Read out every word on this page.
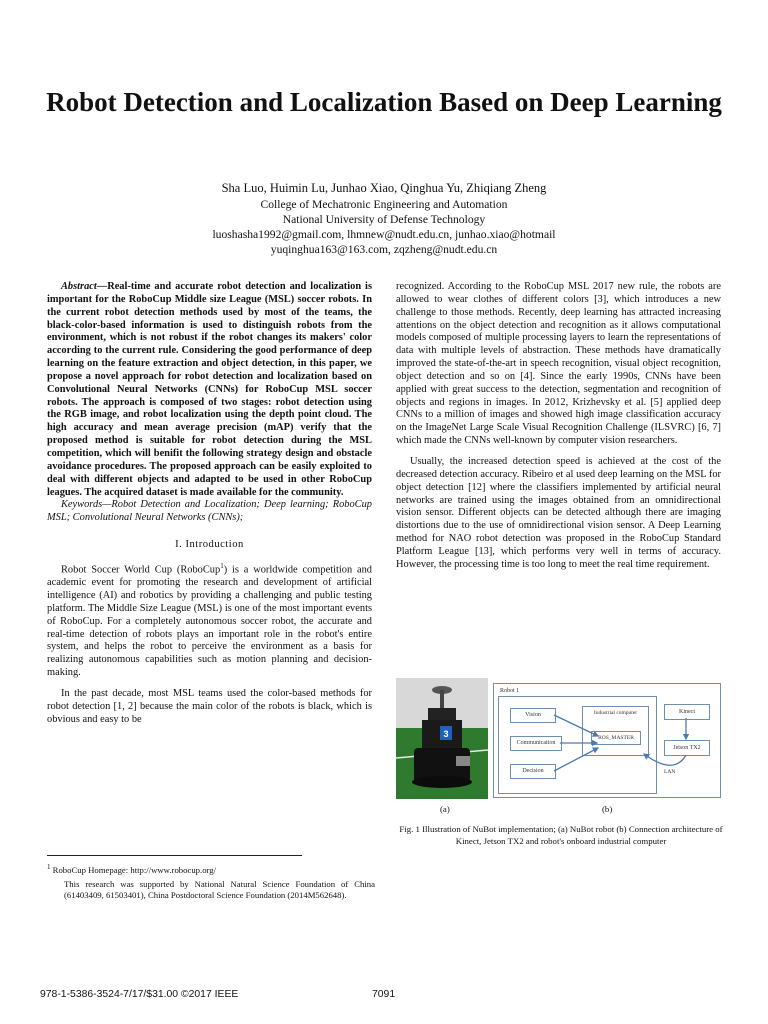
Robot Detection and Localization Based on Deep Learning
Sha Luo, Huimin Lu, Junhao Xiao, Qinghua Yu, Zhiqiang Zheng
College of Mechatronic Engineering and Automation
National University of Defense Technology
luoshasha1992@gmail.com, lhmnew@nudt.edu.cn, junhao.xiao@hotmail
yuqinghua163@163.com, zqzheng@nudt.edu.cn

Abstract—Real-time and accurate robot detection and localization is important for the RoboCup Middle size League (MSL) soccer robots. In the current robot detection methods used by most of the teams, the black-color-based information is used to distinguish robots from the environment, which is not robust if the robot changes its makers' color according to the current rule. Considering the good performance of deep learning on the feature extraction and object detection, in this paper, we propose a novel approach for robot detection and localization based on Convolutional Neural Networks (CNNs) for RoboCup MSL soccer robots. The approach is composed of two stages: robot detection using the RGB image, and robot localization using the depth point cloud. The high accuracy and mean average precision (mAP) verify that the proposed method is suitable for robot detection during the MSL competition, which will benifit the following strategy design and obstacle avoidance procedures. The proposed approach can be easily exploited to deal with different objects and adapted to be used in other RoboCup leagues. The acquired dataset is made available for the community.

Keywords—Robot Detection and Localization; Deep learning; RoboCup MSL; Convolutional Neural Networks (CNNs);

I. Introduction

Robot Soccer World Cup (RoboCup$^1$) is a worldwide competition and academic event for promoting the research and development of artificial intelligence (AI) and robotics by providing a challenging and public testing platform. The Middle Size League (MSL) is one of the most important events of RoboCup. For a completely autonomous soccer robot, the accurate and real-time detection of robots plays an important role in the robot's entire system, and helps the robot to perceive the environment as a basis for realizing autonomous capabilities such as motion planning and decision-making.

In the past decade, most MSL teams used the color-based methods for robot detection [1, 2] because the main color of the robots is black, which is obvious and easy to be

$^1$ RoboCup Homepage: http://www.robocup.org/
This research was supported by National Natural Science Foundation of China (61403409, 61503401), China Postdoctoral Science Foundation (2014M562648).

recognized. According to the RoboCup MSL 2017 new rule, the robots are allowed to wear clothes of different colors [3], which introduces a new challenge to those methods. Recently, deep learning has attracted increasing attentions on the object detection and recognition as it allows computational models composed of multiple processing layers to learn the representations of data with multiple levels of abstraction. These methods have dramatically improved the state-of-the-art in speech recognition, visual object recognition, object detection and so on [4]. Since the early 1990s, CNNs have been applied with great success to the detection, segmentation and recognition of objects and regions in images. In 2012, Krizhevsky et al. [5] applied deep CNNs to a million of images and showed high image classification accuracy on the ImageNet Large Scale Visual Recognition Challenge (ILSVRC) [6, 7] which made the CNNs well-known by computer vision researchers.

Usually, the increased detection speed is achieved at the cost of the decreased detection accuracy. Ribeiro et al used deep learning on the MSL for object detection [12] where the classifiers implemented by artificial neural networks are trained using the images obtained from an omnidirectional vision sensor. Different objects can be detected although there are imaging distortions due to the use of omnidirectional vision sensor. A Deep Learning method for NAO robot detection was proposed in the RoboCup Standard Platform League [13], which performs very well in terms of accuracy. However, the processing time is too long to meet the real time requirement.

3
Robot 1
Vision
Communication
Decision
Industrial computer
ROS_MASTER
Kinect
Jetson TX2
LAN
(a)	(b)
Fig. 1 Illustration of NuBot implementation; (a) NuBot robot (b) Connection architecture of Kinect, Jetson TX2 and robot's onboard industrial computer
978-1-5386-3524-7/17/$31.00 ©2017 IEEE	7091
